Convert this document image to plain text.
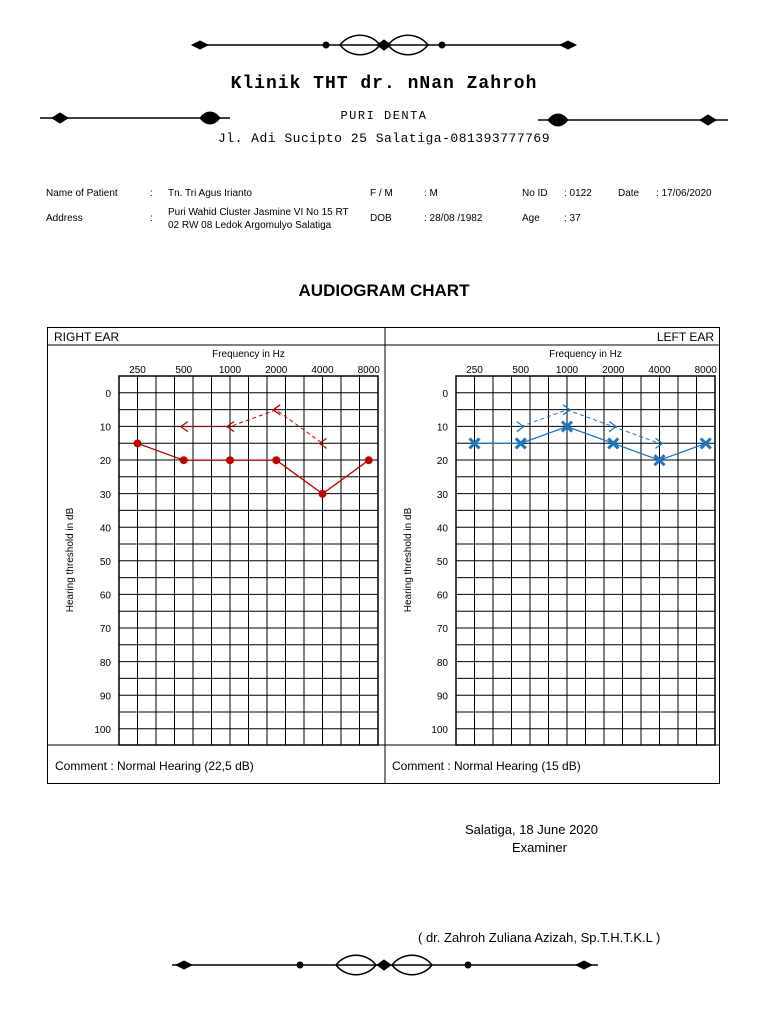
Klinik THT dr. nNan Zahroh
PURI DENTA
Jl. Adi Sucipto 25 Salatiga-081393777769
Name of Patient	: Tn. Tri Agus Irianto	F / M	: M	No ID : 0122	Date : 17/06/2020
Address	:
Puri Wahid Cluster Jasmine VI No 15 RT
02 RW 08 Ledok Argomulyo Salatiga
DOB	: 28/08 /1982	Age : 37
AUDIOGRAM CHART
RIGHT EAR
Frequency in Hz
250	500	1000 2000 4000 8000
0
10
20
30
40
50
60
70
80
90
100
Hearing threshold in dB
Comment : Normal Hearing (22,5 dB)
LEFT EAR
Frequency in Hz
250	500	1000 2000 4000 8000
0
10
20
30
40
50
60
70
80
90
100
Hearing threshold in dB
Comment : Normal Hearing (15 dB)
Salatiga, 18 June 2020
Examiner
( dr. Zahroh Zuliana Azizah, Sp.T.H.T.K.L )
